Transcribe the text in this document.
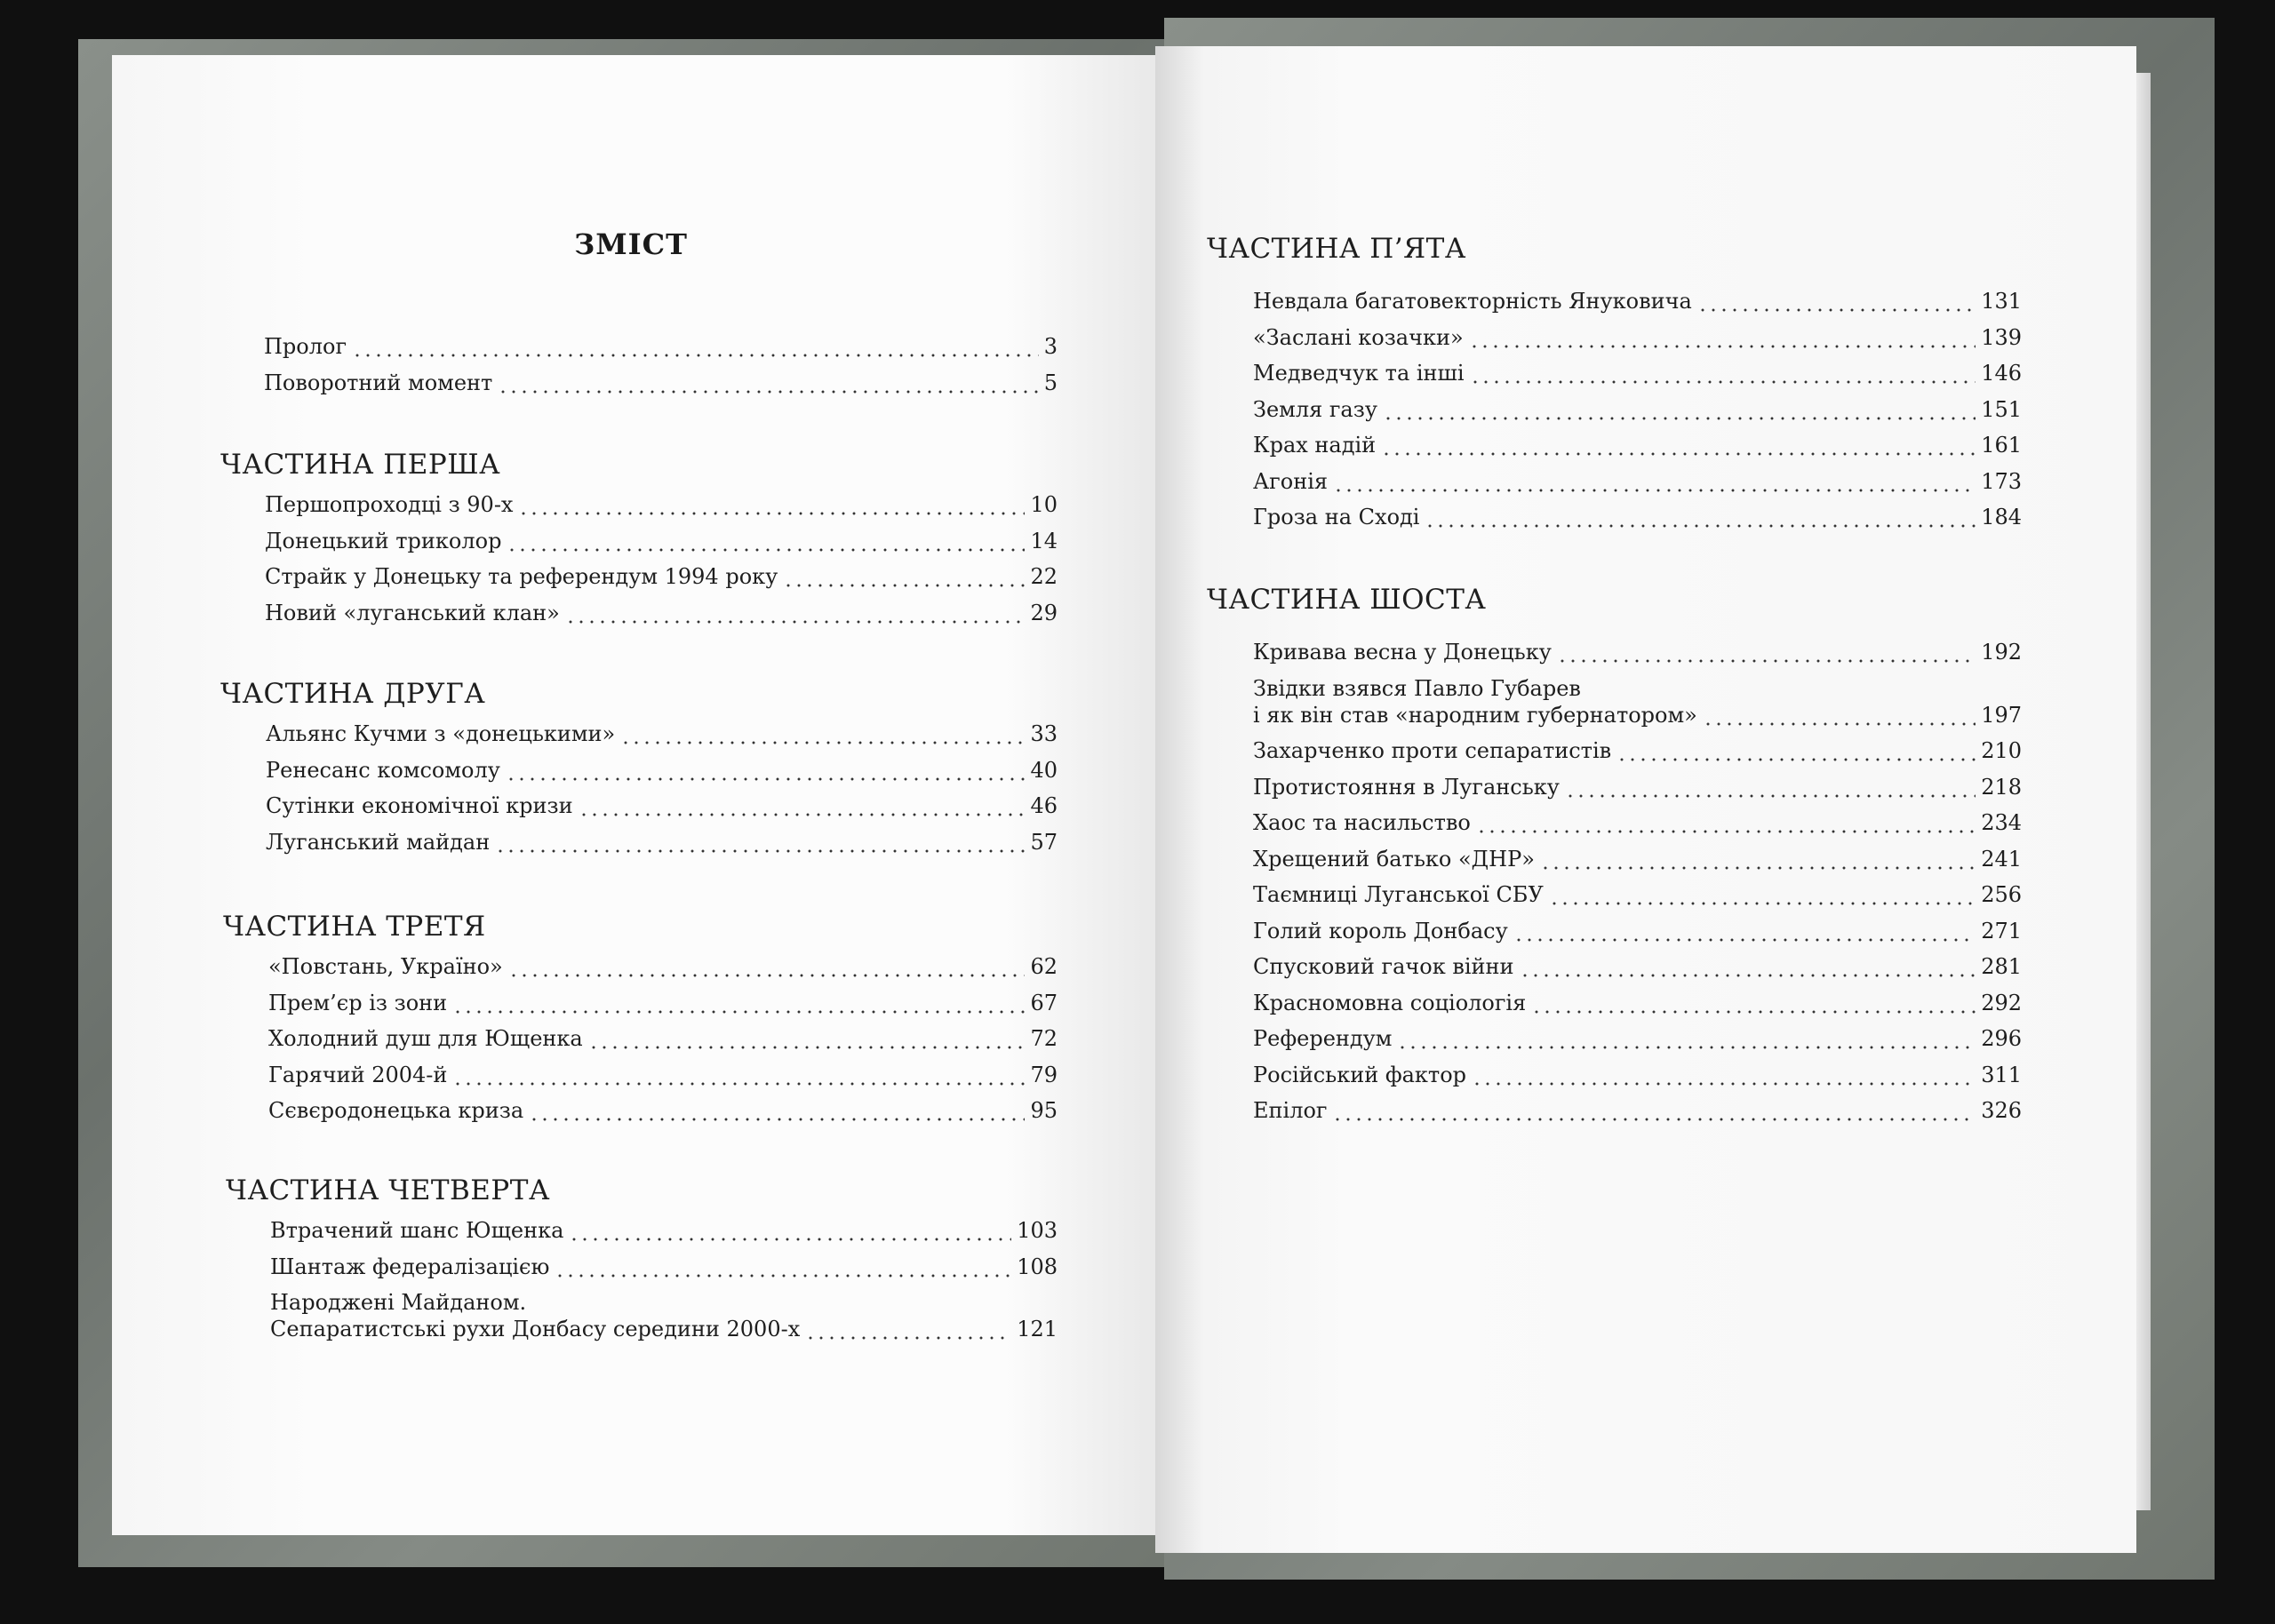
ЗМІСТ
Пролог	3
Поворотний момент	5
ЧАСТИНА ПЕРША
Першопроходці з 90-х	10
Донецький триколор	14
Страйк у Донецьку та референдум 1994 року	22
Новий «луганський клан»	29
ЧАСТИНА ДРУГА
Альянс Кучми з «донецькими»	33
Ренесанс комсомолу	40
Сутінки економічної кризи	46
Луганський майдан	57
ЧАСТИНА ТРЕТЯ
«Повстань, Україно»	62
Прем’єр із зони	67
Холодний душ для Ющенка	72
Гарячий 2004-й	79
Сєвєродонецька криза	95
ЧАСТИНА ЧЕТВЕРТА
Втрачений шанс Ющенка	103
Шантаж федералізацією	108
Народжені Майданом.
Сепаратистські рухи Донбасу середини 2000-х	121
ЧАСТИНА П’ЯТА
Невдала багатовекторність Януковича	131
«Заслані козачки»	139
Медведчук та інші	146
Земля газу	151
Крах надій	161
Агонія	173
Гроза на Сході	184
ЧАСТИНА ШОСТА
Кривава весна у Донецьку	192
Звідки взявся Павло Губарев
і як він став «народним губернатором»	197
Захарченко проти сепаратистів	210
Протистояння в Луганську	218
Хаос та насильство	234
Хрещений батько «ДНР»	241
Таємниці Луганської СБУ	256
Голий король Донбасу	271
Спусковий гачок війни	281
Красномовна соціологія	292
Референдум	296
Російський фактор	311
Епілог	326
